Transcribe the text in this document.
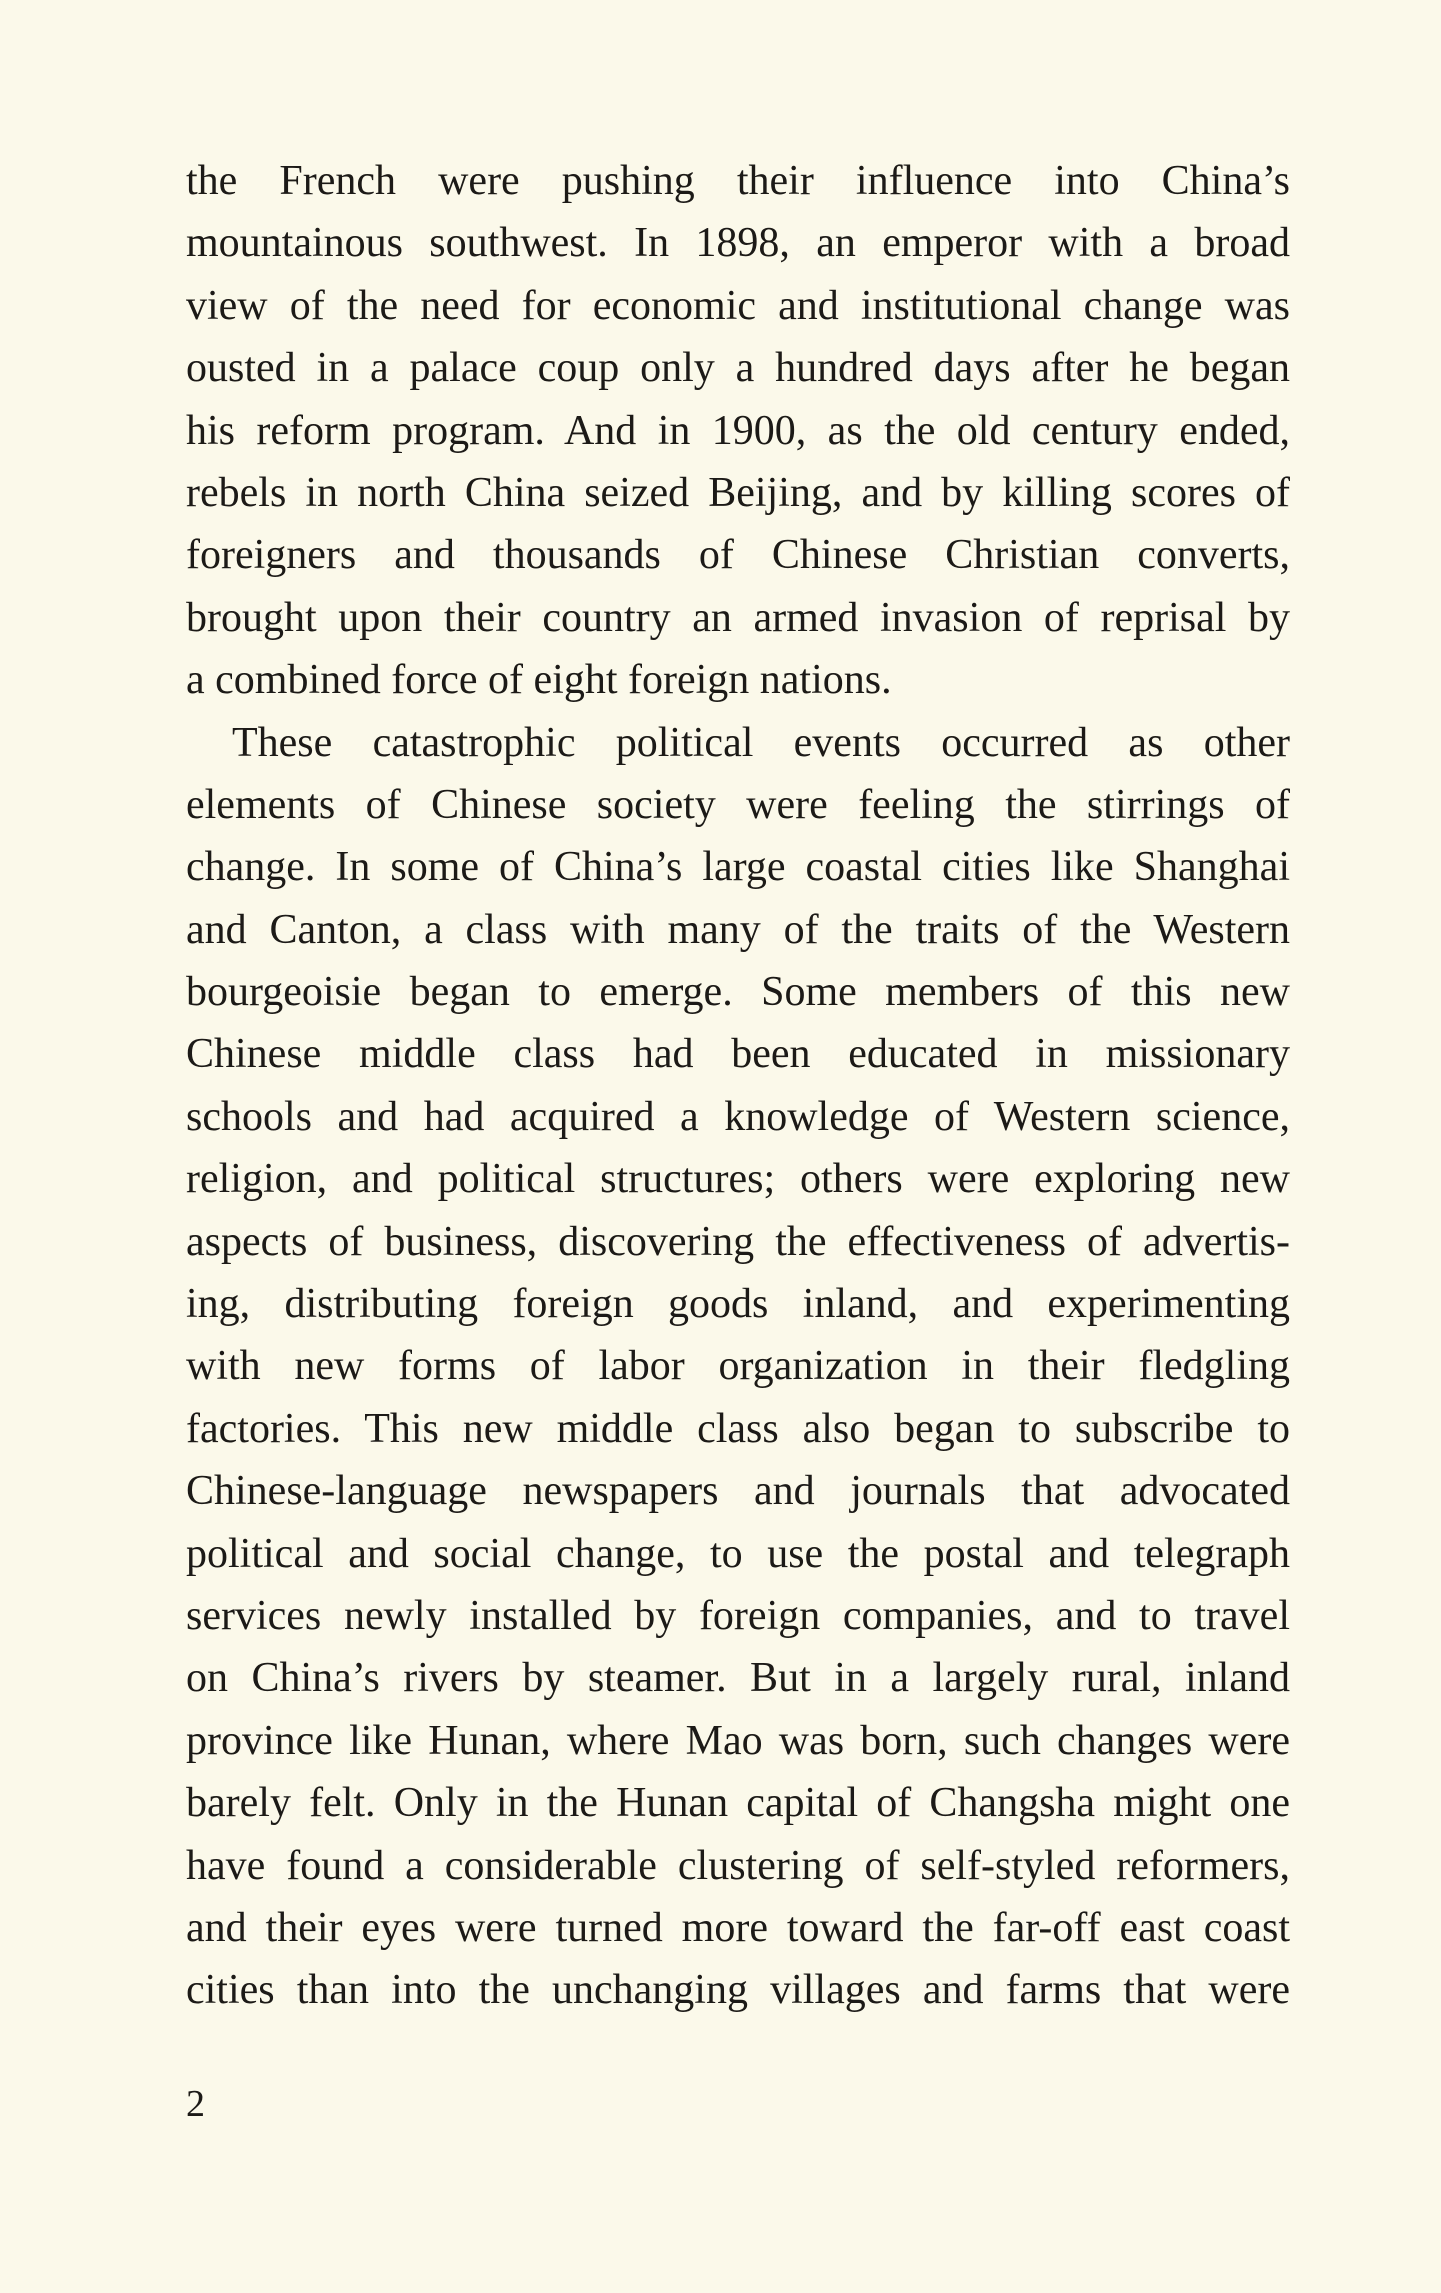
the French were pushing their influence into China’s
mountainous southwest. In 1898, an emperor with a broad
view of the need for economic and institutional change was
ousted in a palace coup only a hundred days after he began
his reform program. And in 1900, as the old century ended,
rebels in north China seized Beijing, and by killing scores of
foreigners and thousands of Chinese Christian converts,
brought upon their country an armed invasion of reprisal by
a combined force of eight foreign nations.
These catastrophic political events occurred as other
elements of Chinese society were feeling the stirrings of
change. In some of China’s large coastal cities like Shanghai
and Canton, a class with many of the traits of the Western
bourgeoisie began to emerge. Some members of this new
Chinese middle class had been educated in missionary
schools and had acquired a knowledge of Western science,
religion, and political structures; others were exploring new
aspects of business, discovering the effectiveness of advertis-
ing, distributing foreign goods inland, and experimenting
with new forms of labor organization in their fledgling
factories. This new middle class also began to subscribe to
Chinese-language newspapers and journals that advocated
political and social change, to use the postal and telegraph
services newly installed by foreign companies, and to travel
on China’s rivers by steamer. But in a largely rural, inland
province like Hunan, where Mao was born, such changes were
barely felt. Only in the Hunan capital of Changsha might one
have found a considerable clustering of self-styled reformers,
and their eyes were turned more toward the far-off east coast
cities than into the unchanging villages and farms that were
2
